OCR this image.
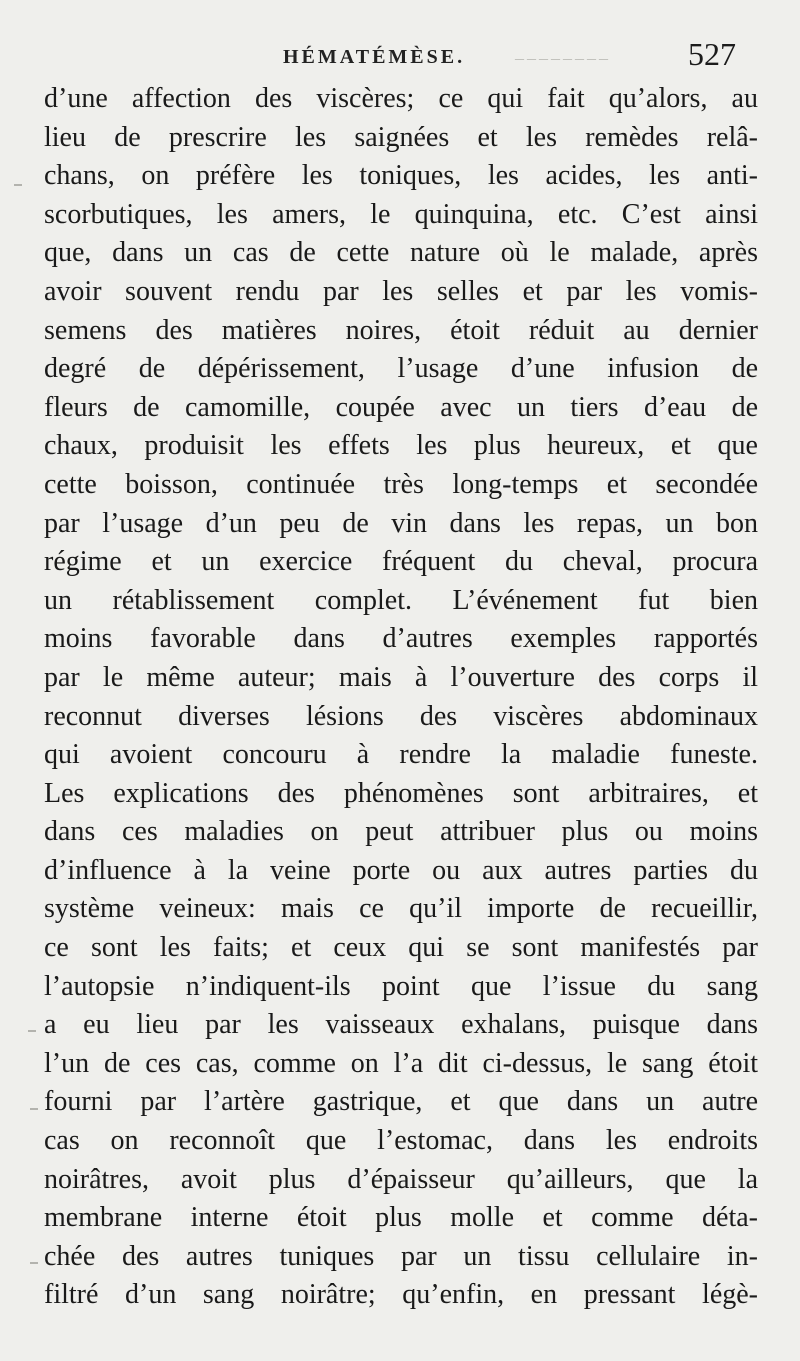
HÉMATÉMÈSE.	‒‒‒‒‒‒‒‒ 527
d’une affection des viscères; ce qui fait qu’alors, au
lieu de prescrire les saignées et les remèdes relâ-
chans, on préfère les toniques, les acides, les anti-
scorbutiques, les amers, le quinquina, etc. C’est ainsi
que, dans un cas de cette nature où le malade, après
avoir souvent rendu par les selles et par les vomis-
semens des matières noires, étoit réduit au dernier
degré de dépérissement, l’usage d’une infusion de
fleurs de camomille, coupée avec un tiers d’eau de
chaux, produisit les effets les plus heureux, et que
cette boisson, continuée très long-temps et secondée
par l’usage d’un peu de vin dans les repas, un bon
régime et un exercice fréquent du cheval, procura
un rétablissement complet. L’événement fut bien
moins favorable dans d’autres exemples rapportés
par le même auteur; mais à l’ouverture des corps il
reconnut diverses lésions des viscères abdominaux
qui avoient concouru à rendre la maladie funeste.
Les explications des phénomènes sont arbitraires, et
dans ces maladies on peut attribuer plus ou moins
d’influence à la veine porte ou aux autres parties du
système veineux: mais ce qu’il importe de recueillir,
ce sont les faits; et ceux qui se sont manifestés par
l’autopsie n’indiquent-ils point que l’issue du sang
a eu lieu par les vaisseaux exhalans, puisque dans
l’un de ces cas, comme on l’a dit ci-dessus, le sang étoit
fourni par l’artère gastrique, et que dans un autre
cas on reconnoît que l’estomac, dans les endroits
noirâtres, avoit plus d’épaisseur qu’ailleurs, que la
membrane interne étoit plus molle et comme déta-
chée des autres tuniques par un tissu cellulaire in-
filtré d’un sang noirâtre; qu’enfin, en pressant légè-
